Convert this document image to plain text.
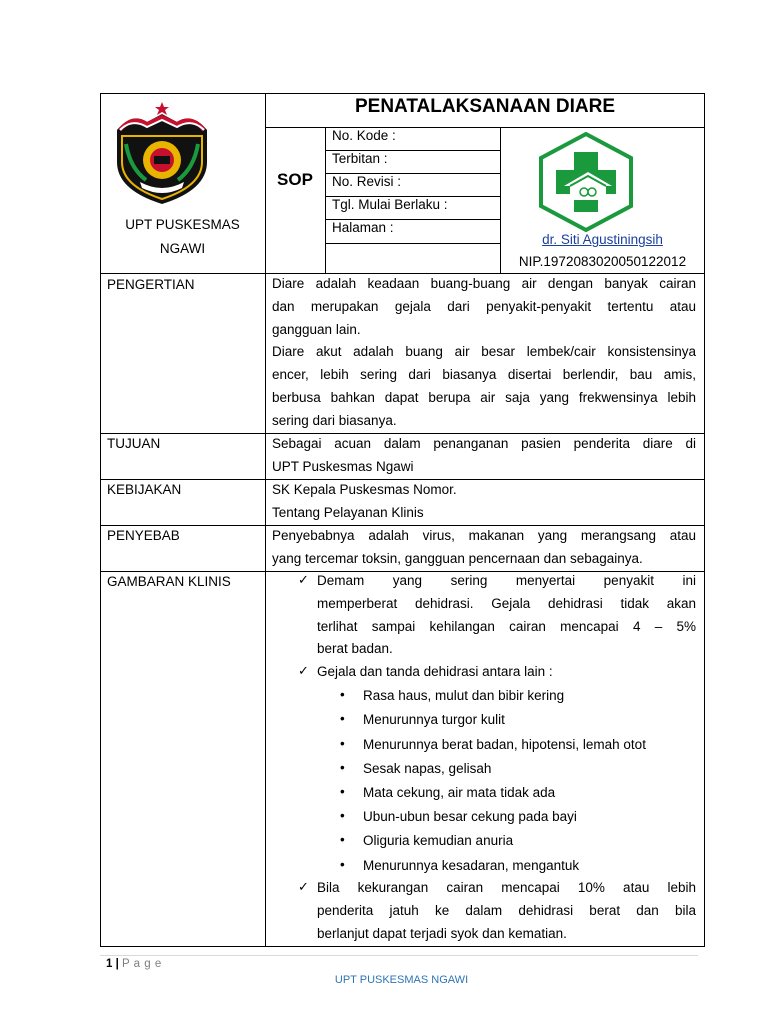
UPT PUSKESMAS
NGAWI
PENATALAKSANAAN DIARE
SOP
No. Kode :
Terbitan :
No. Revisi :
Tgl. Mulai Berlaku :
Halaman :
dr. Siti Agustiningsih
NIP.197208302005012201​2
PENGERTIAN
TUJUAN
KEBIJAKAN
PENYEBAB
GAMBARAN KLINIS
Diare adalah keadaan buang-buang air dengan banyak cairan
dan merupakan gejala dari penyakit-penyakit tertentu atau
gangguan lain.
Diare akut adalah buang air besar lembek/cair konsistensinya
encer, lebih sering dari biasanya disertai berlendir, bau amis,
berbusa bahkan dapat berupa air saja yang frekwensinya lebih
sering dari biasanya.
Sebagai acuan dalam penanganan pasien penderita diare di
UPT Puskesmas Ngawi
SK Kepala Puskesmas Nomor.
Tentang Pelayanan Klinis
Penyebabnya adalah virus, makanan yang merangsang atau
yang tercemar toksin, gangguan pencernaan dan sebagainya.
✓ Demam yang sering menyertai penyakit ini
memperberat dehidrasi. Gejala dehidrasi tidak akan
terlihat sampai kehilangan cairan mencapai 4 – 5%
berat badan.
✓ Gejala dan tanda dehidrasi antara lain :
• Rasa haus, mulut dan bibir kering
• Menurunnya turgor kulit
• Menurunnya berat badan, hipotensi, lemah otot
• Sesak napas, gelisah
• Mata cekung, air mata tidak ada
• Ubun-ubun besar cekung pada bayi
• Oliguria kemudian anuria
• Menurunnya kesadaran, mengantuk
✓ Bila kekurangan cairan mencapai 10% atau lebih
penderita jatuh ke dalam dehidrasi berat dan bila
berlanjut dapat terjadi syok dan kematian.
1 | P a g e
UPT PUSKESMAS NGAWI
